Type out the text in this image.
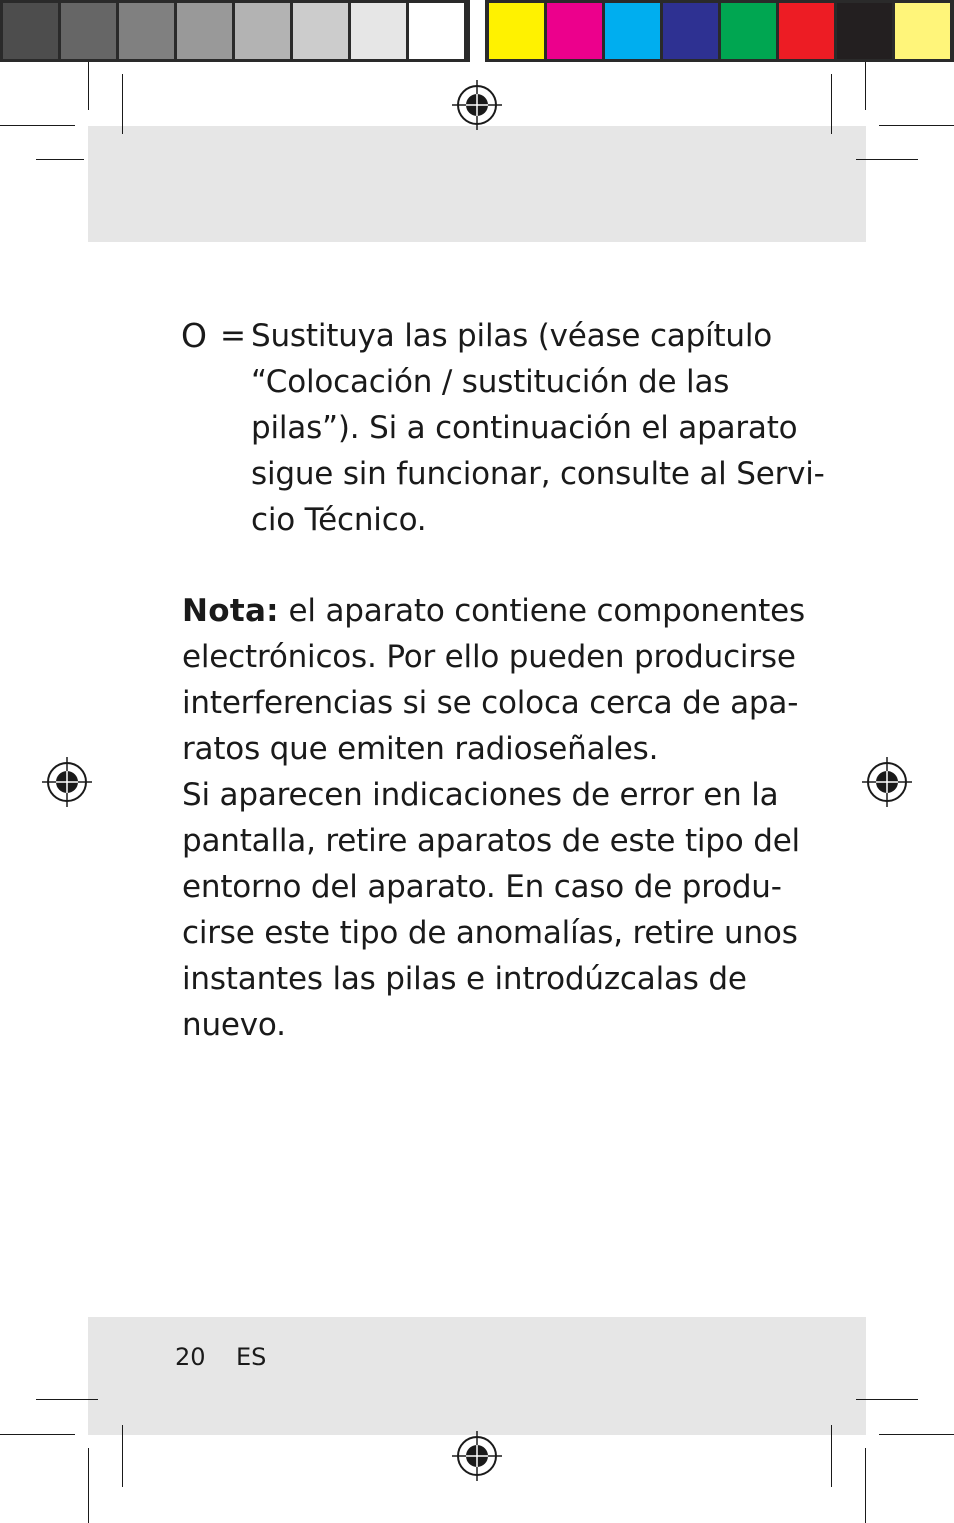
O = Sustituya las pilas (véase capítulo
“Colocación / sustitución de las
pilas”). Si a continuación el aparato
sigue sin funcionar, consulte al Servi-
cio Técnico.
Nota: el aparato contiene componentes
electrónicos. Por ello pueden producirse
interferencias si se coloca cerca de apa-
ratos que emiten radioseñales.
Si aparecen indicaciones de error en la
pantalla, retire aparatos de este tipo del
entorno del aparato. En caso de produ-
cirse este tipo de anomalías, retire unos
instantes las pilas e introdúzcalas de
nuevo.
20 ES
